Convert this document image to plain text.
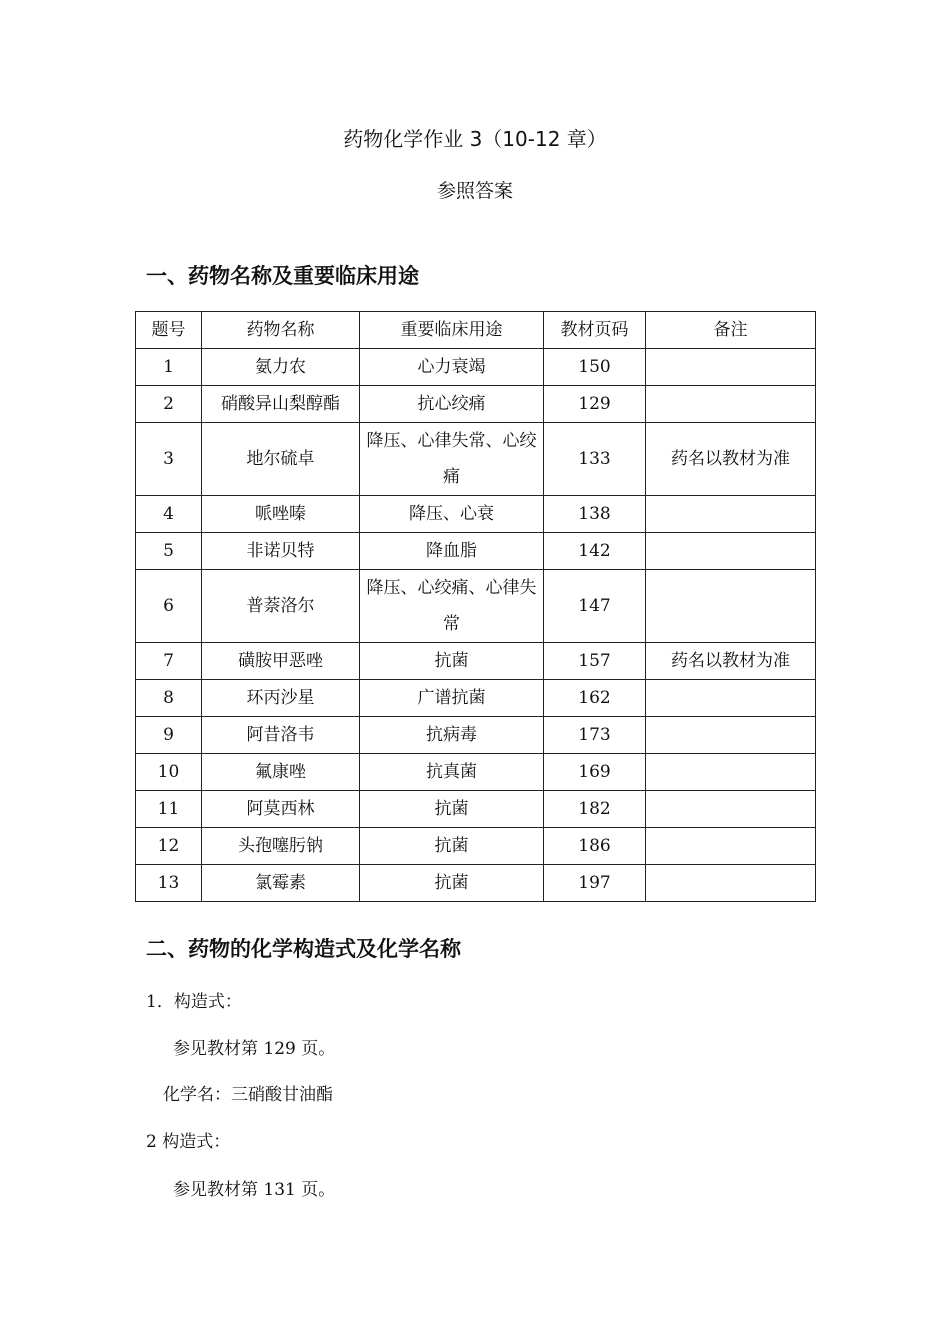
药物化学作业 3（10-12 章）
参照答案
一、药物名称及重要临床用途
题号	药物名称	重要临床用途	教材页码	备注
1	氨力农	心力衰竭	150	
2	硝酸异山梨醇酯	抗心绞痛	129	
3	地尔硫卓	降压、心律失常、心绞痛	133	药名以教材为准
4	哌唑嗪	降压、心衰	138	
5	非诺贝特	降血脂	142	
6	普萘洛尔	降压、心绞痛、心律失常	147	
7	磺胺甲恶唑	抗菌	157	药名以教材为准
8	环丙沙星	广谱抗菌	162	
9	阿昔洛韦	抗病毒	173	
10	氟康唑	抗真菌	169	
11	阿莫西林	抗菌	182	
12	头孢噻肟钠	抗菌	186	
13	氯霉素	抗菌	197	
二、药物的化学构造式及化学名称
1．构造式：
参见教材第 129 页。
化学名：三硝酸甘油酯
2 构造式：
参见教材第 131 页。
